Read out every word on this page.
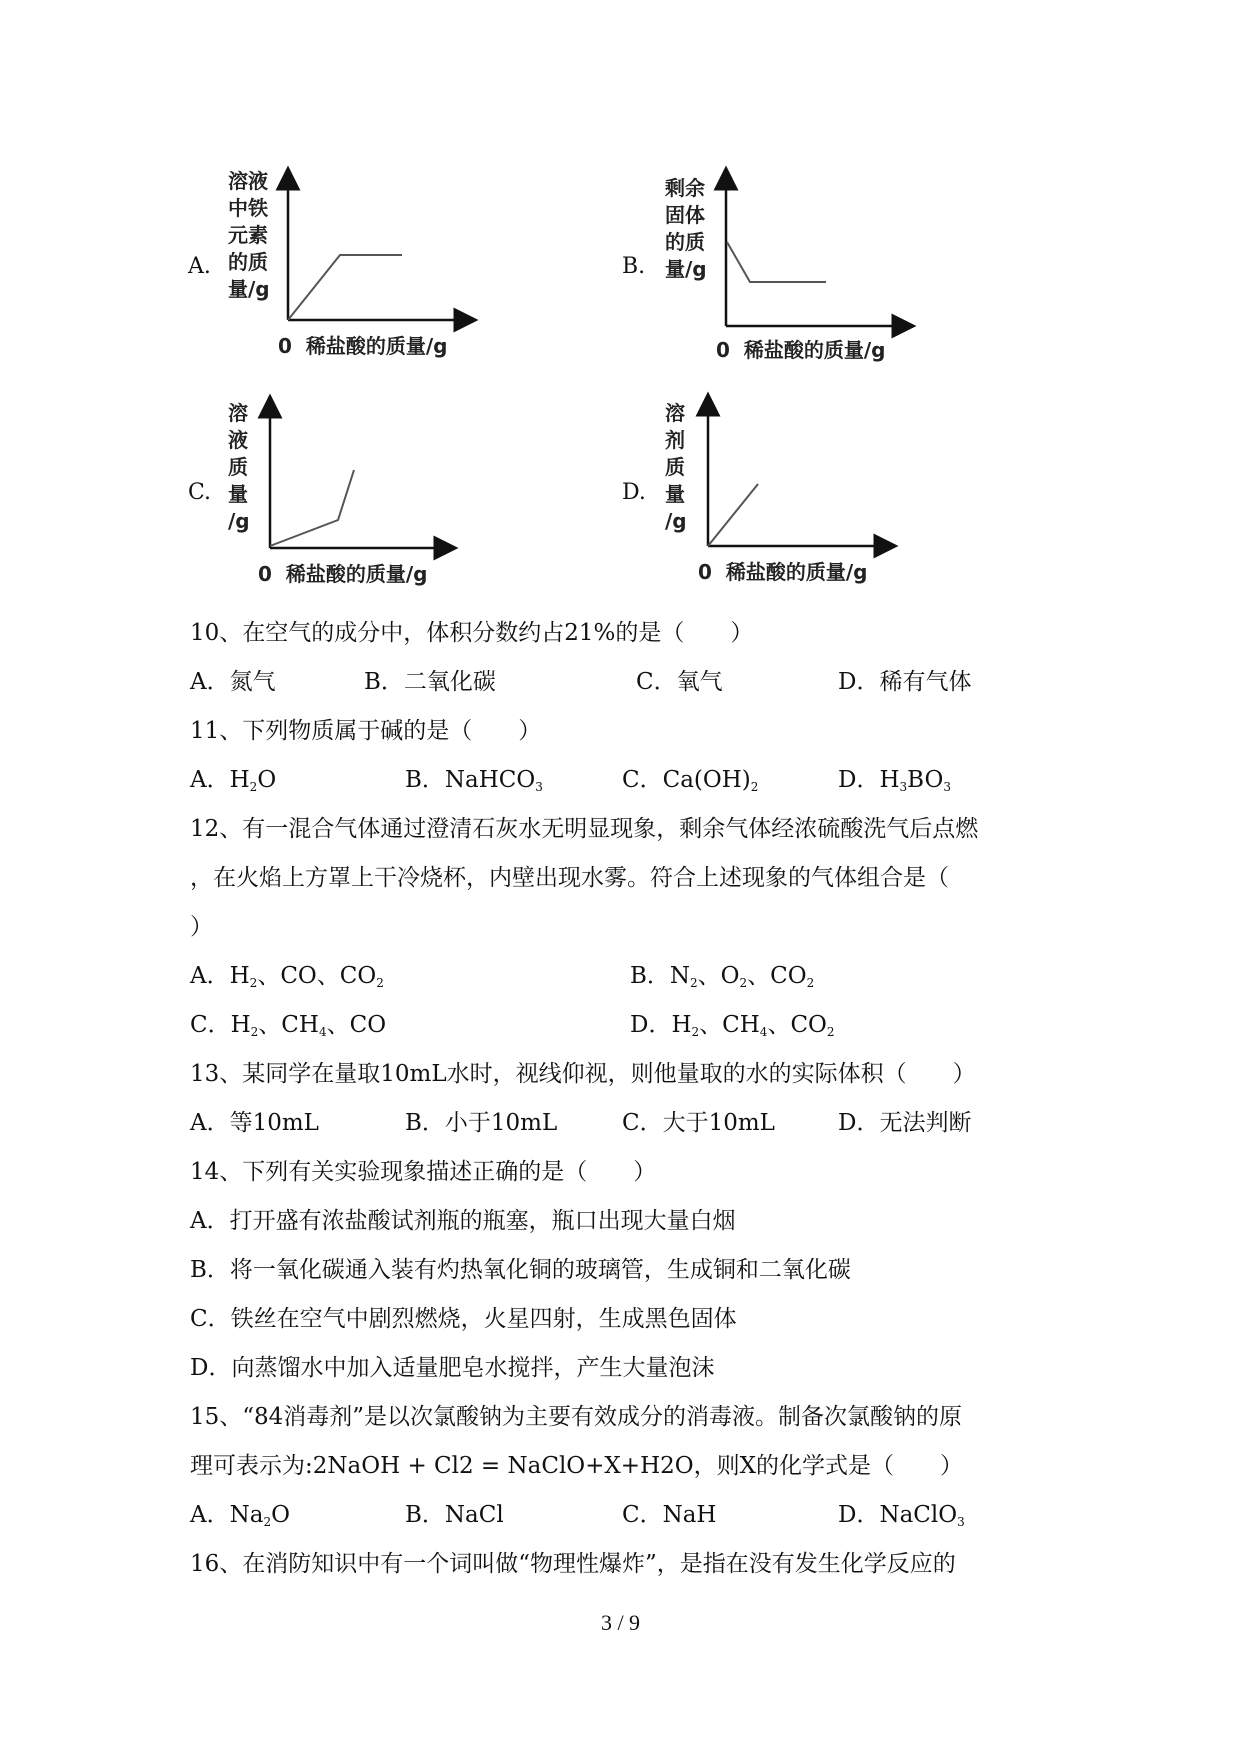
A.
溶液
中铁
元素
的质
量/g
0 稀盐酸的质量/g
B.
剩余
固体
的质
量/g
0 稀盐酸的质量/g
C.
溶
液
质
量
/g
0 稀盐酸的质量/g
D.
溶
剂
质
量
/g
0 稀盐酸的质量/g
10、在空气的成分中，体积分数约占21%的是（　　）
A．氮气	B．二氧化碳	C．氧气	D．稀有气体
11、下列物质属于碱的是（　　）
A．$H_2O$	B．NaHCO$_3$	C．$Ca(OH)_2$	D．$H_3BO_3$
12、有一混合气体通过澄清石灰水无明显现象，剩余气体经浓硫酸洗气后点燃
，在火焰上方罩上干冷烧杯，内壁出现水雾。符合上述现象的气体组合是（
）
A．$H_2$、CO、$CO_2$	B．$N_2$、$O_2$、$CO_2$
C．$H_2$、$CH_4$、CO	D．$H_2$、$CH_4$、$CO_2$
13、某同学在量取10mL水时，视线仰视，则他量取的水的实际体积（　　）
A．等10mL	B．小于10mL	C．大于10mL	D．无法判断
14、下列有关实验现象描述正确的是（　　）
A．打开盛有浓盐酸试剂瓶的瓶塞，瓶口出现大量白烟
B．将一氧化碳通入装有灼热氧化铜的玻璃管，生成铜和二氧化碳
C．铁丝在空气中剧烈燃烧，火星四射，生成黑色固体
D．向蒸馏水中加入适量肥皂水搅拌，产生大量泡沫
15、“84消毒剂”是以次氯酸钠为主要有效成分的消毒液。制备次氯酸钠的原
理可表示为:2NaOH + Cl2 = NaClO+X+H2O，则X的化学式是（　　）
A．$Na_2O$	B．NaCl	C．NaH	D．NaClO$_3$
16、在消防知识中有一个词叫做“物理性爆炸”，是指在没有发生化学反应的
3 / 9
